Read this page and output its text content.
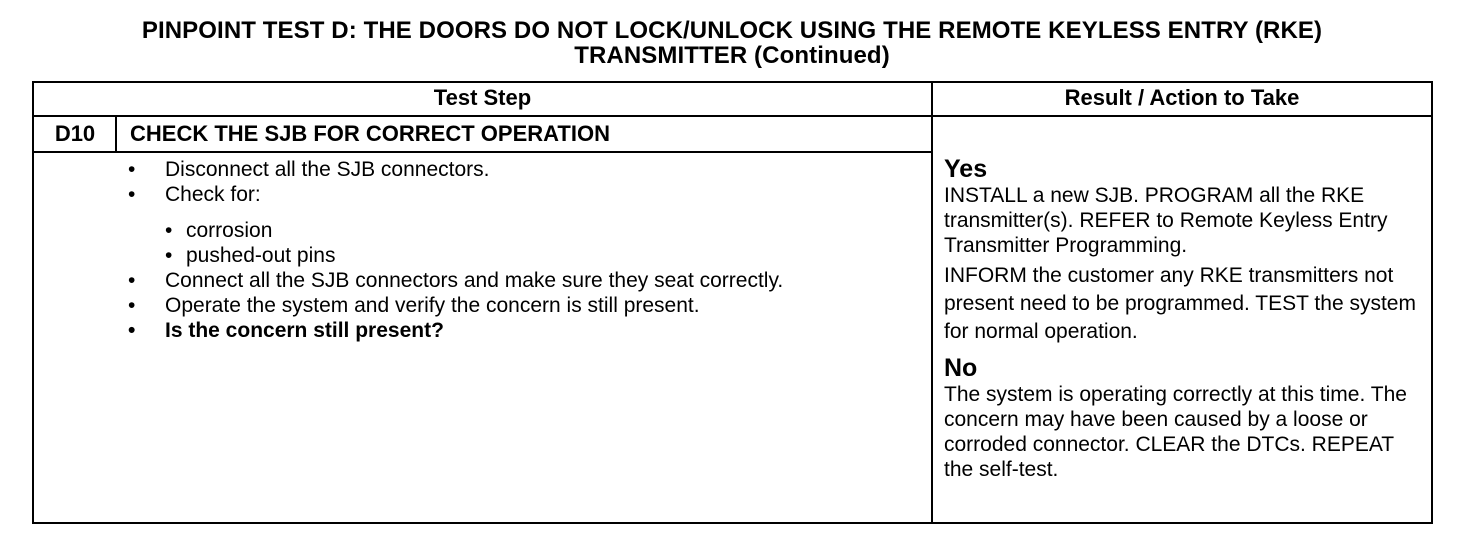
PINPOINT TEST D: THE DOORS DO NOT LOCK/UNLOCK USING THE REMOTE KEYLESS ENTRY (RKE)
TRANSMITTER (Continued)
Test Step	Result / Action to Take
D10	CHECK THE SJB FOR CORRECT OPERATION
• Disconnect all the SJB connectors.
• Check for:
• corrosion
• pushed-out pins
• Connect all the SJB connectors and make sure they seat correctly.
• Operate the system and verify the concern is still present.
• Is the concern still present?
Yes
INSTALL a new SJB. PROGRAM all the RKE transmitter(s). REFER to Remote Keyless Entry Transmitter Programming.
INFORM the customer any RKE transmitters not present need to be programmed. TEST the system for normal operation.
No
The system is operating correctly at this time. The concern may have been caused by a loose or corroded connector. CLEAR the DTCs. REPEAT the self-test.
